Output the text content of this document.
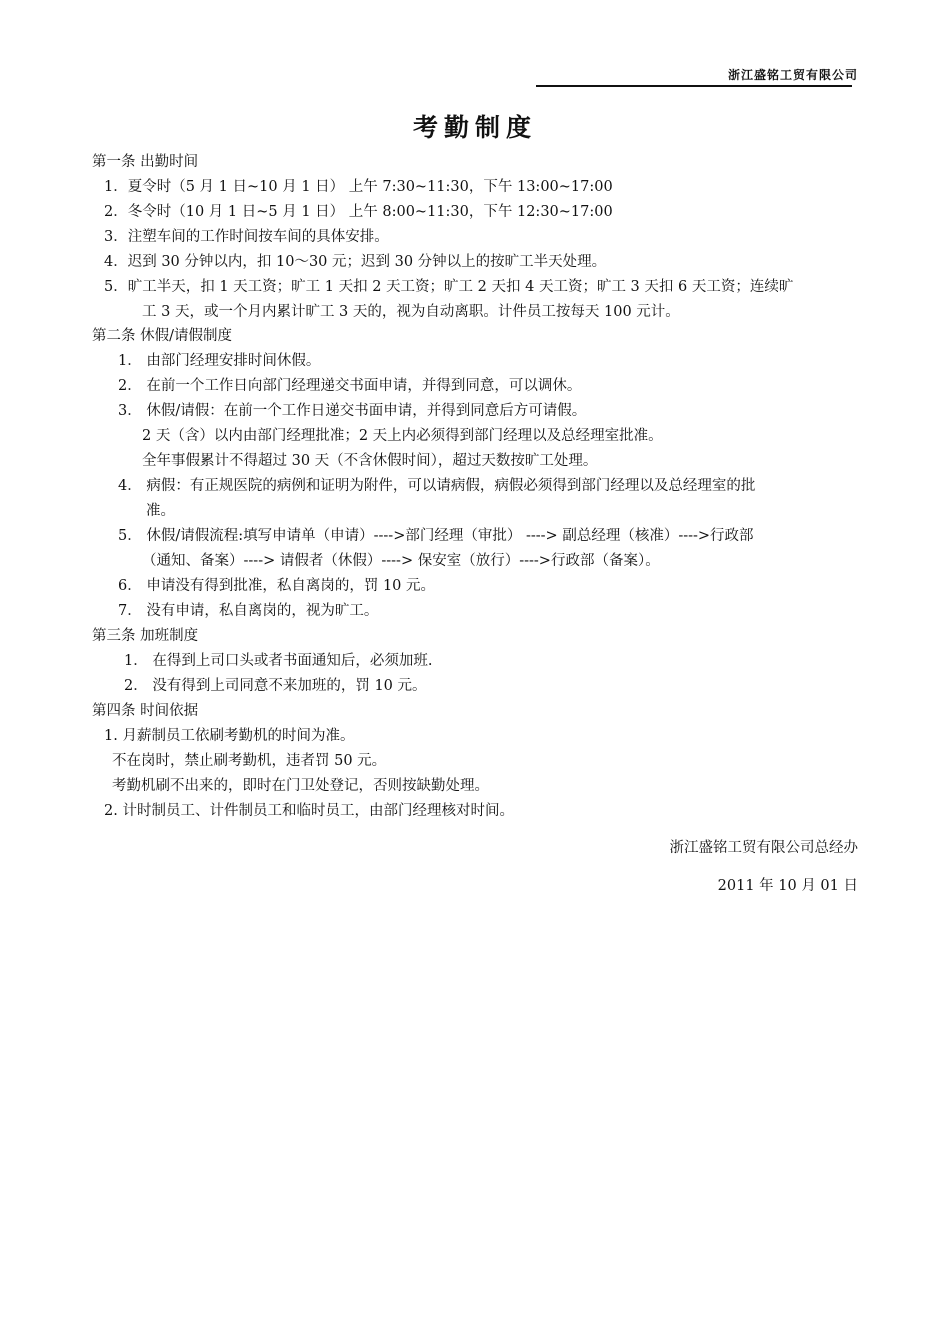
浙江盛铭工贸有限公司
考勤制度
第一条 出勤时间
1．夏令时（5 月 1 日~10 月 1 日） 上午 7:30~11:30，下午 13:00~17:00
2．冬令时（10 月 1 日~5 月 1 日） 上午 8:00~11:30，下午 12:30~17:00
3．注塑车间的工作时间按车间的具体安排。
4．迟到 30 分钟以内，扣 10～30 元；迟到 30 分钟以上的按旷工半天处理。
5．旷工半天，扣 1 天工资；旷工 1 天扣 2 天工资；旷工 2 天扣 4 天工资；旷工 3 天扣 6 天工资；连续旷
工 3 天，或一个月内累计旷工 3 天的，视为自动离职。计件员工按每天 100 元计。
第二条 休假/请假制度
1． 由部门经理安排时间休假。
2． 在前一个工作日向部门经理递交书面申请，并得到同意，可以调休。
3． 休假/请假：在前一个工作日递交书面申请，并得到同意后方可请假。
2 天（含）以内由部门经理批准；2 天上内必须得到部门经理以及总经理室批准。
全年事假累计不得超过 30 天（不含休假时间），超过天数按旷工处理。
4． 病假：有正规医院的病例和证明为附件，可以请病假，病假必须得到部门经理以及总经理室的批
准。
5． 休假/请假流程:填写申请单（申请）---->部门经理（审批） ----> 副总经理（核准）---->行政部
（通知、备案）----> 请假者（休假）----> 保安室（放行）---->行政部（备案）。
6． 申请没有得到批准，私自离岗的，罚 10 元。
7． 没有申请，私自离岗的，视为旷工。
第三条 加班制度
1． 在得到上司口头或者书面通知后，必须加班.
2． 没有得到上司同意不来加班的，罚 10 元。
第四条 时间依据
1. 月薪制员工依刷考勤机的时间为准。
不在岗时，禁止刷考勤机，违者罚 50 元。
考勤机刷不出来的，即时在门卫处登记，否则按缺勤处理。
2. 计时制员工、计件制员工和临时员工，由部门经理核对时间。
浙江盛铭工贸有限公司总经办
2011 年 10 月 01 日
